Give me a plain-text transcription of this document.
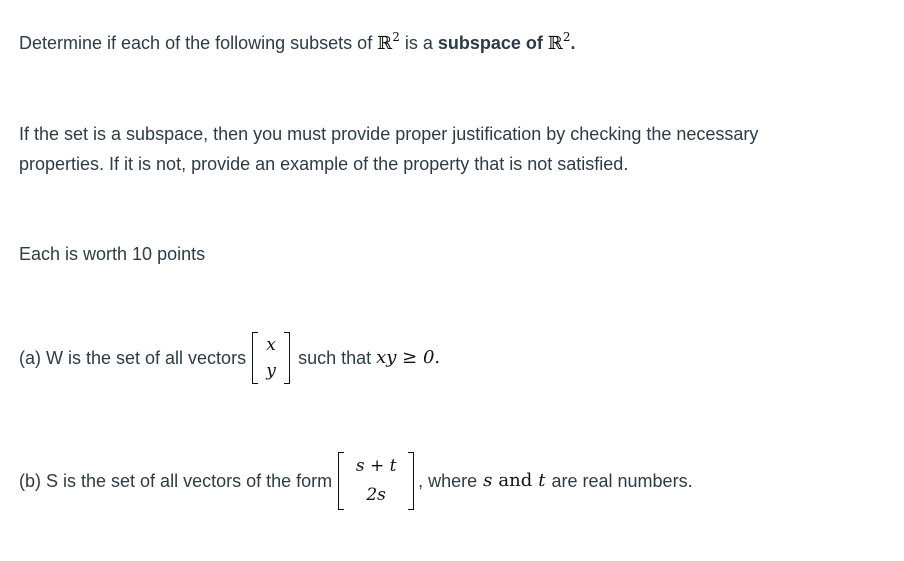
Determine if each of the following subsets of ℝ$^2$ is a subspace of ℝ$^2$.
If the set is a subspace, then you must provide proper justification by checking the necessary
properties. If it is not, provide an example of the property that is not satisfied.
Each is worth 10 points
(a) W is the set of all vectors
x
y
such that xy ≥ 0.
(b) S is the set of all vectors of the form
s + t
2s
, where s and t are real numbers.
